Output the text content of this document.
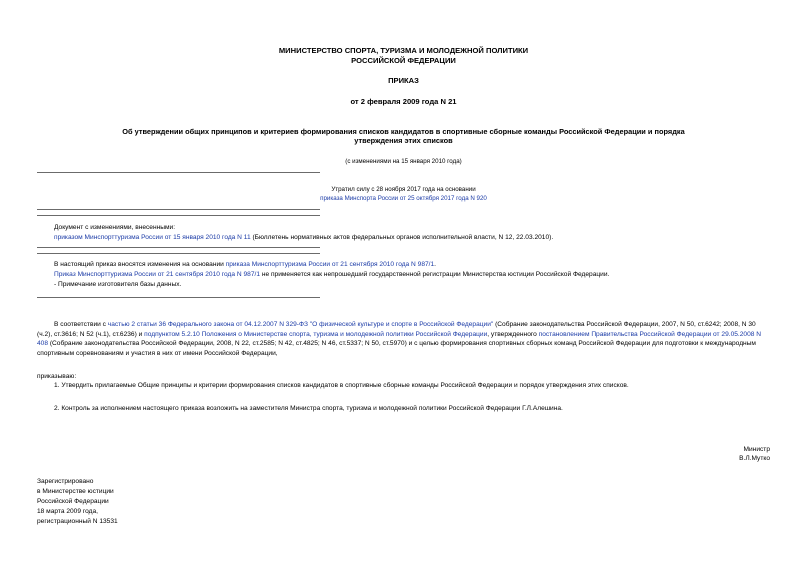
МИНИСТЕРСТВО СПОРТА, ТУРИЗМА И МОЛОДЕЖНОЙ ПОЛИТИКИ
РОССИЙСКОЙ ФЕДЕРАЦИИ
ПРИКАЗ
от 2 февраля 2009 года N 21
Об утверждении общих принципов и критериев формирования списков кандидатов в спортивные сборные команды Российской Федерации и порядка
утверждения этих списков
(с изменениями на 15 января 2010 года)
Утратил силу с 28 ноября 2017 года на основании
приказа Минспорта России от 25 октября 2017 года N 920
Документ с изменениями, внесенными:
приказом Минспорттуризма России от 15 января 2010 года N 11 (Бюллетень нормативных актов федеральных органов исполнительной власти, N 12, 22.03.2010).
В настоящий приказ вносятся изменения на основании приказа Минспорттуризма России от 21 сентября 2010 года N 987/1.
Приказ Минспорттуризма России от 21 сентября 2010 года N 987/1 не применяется как непрошедший государственной регистрации Министерства юстиции Российской Федерации.
- Примечание изготовителя базы данных.
В соответствии с частью 2 статьи 36 Федерального закона от 04.12.2007 N 329-ФЗ "О физической культуре и спорте в Российской Федерации" (Собрание законодательства Российской Федерации, 2007, N 50, ст.6242; 2008, N 30 (ч.2), ст.3616; N 52 (ч.1), ст.6236) и подпунктом 5.2.10 Положения о Министерстве спорта, туризма и молодежной политики Российской Федерации, утвержденного постановлением Правительства Российской Федерации от 29.05.2008 N 408 (Собрание законодательства Российской Федерации, 2008, N 22, ст.2585; N 42, ст.4825; N 46, ст.5337; N 50, ст.5970) и с целью формирования спортивных сборных команд Российской Федерации для подготовки к международным спортивным соревнованиям и участия в них от имени Российской Федерации,
приказываю:
1. Утвердить прилагаемые Общие принципы и критерии формирования списков кандидатов в спортивные сборные команды Российской Федерации и порядок утверждения этих списков.
2. Контроль за исполнением настоящего приказа возложить на заместителя Министра спорта, туризма и молодежной политики Российской Федерации Г.Л.Алешина.
Министр
В.Л.Мутко
Зарегистрировано
в Министерстве юстиции
Российской Федерации
18 марта 2009 года,
регистрационный N 13531
